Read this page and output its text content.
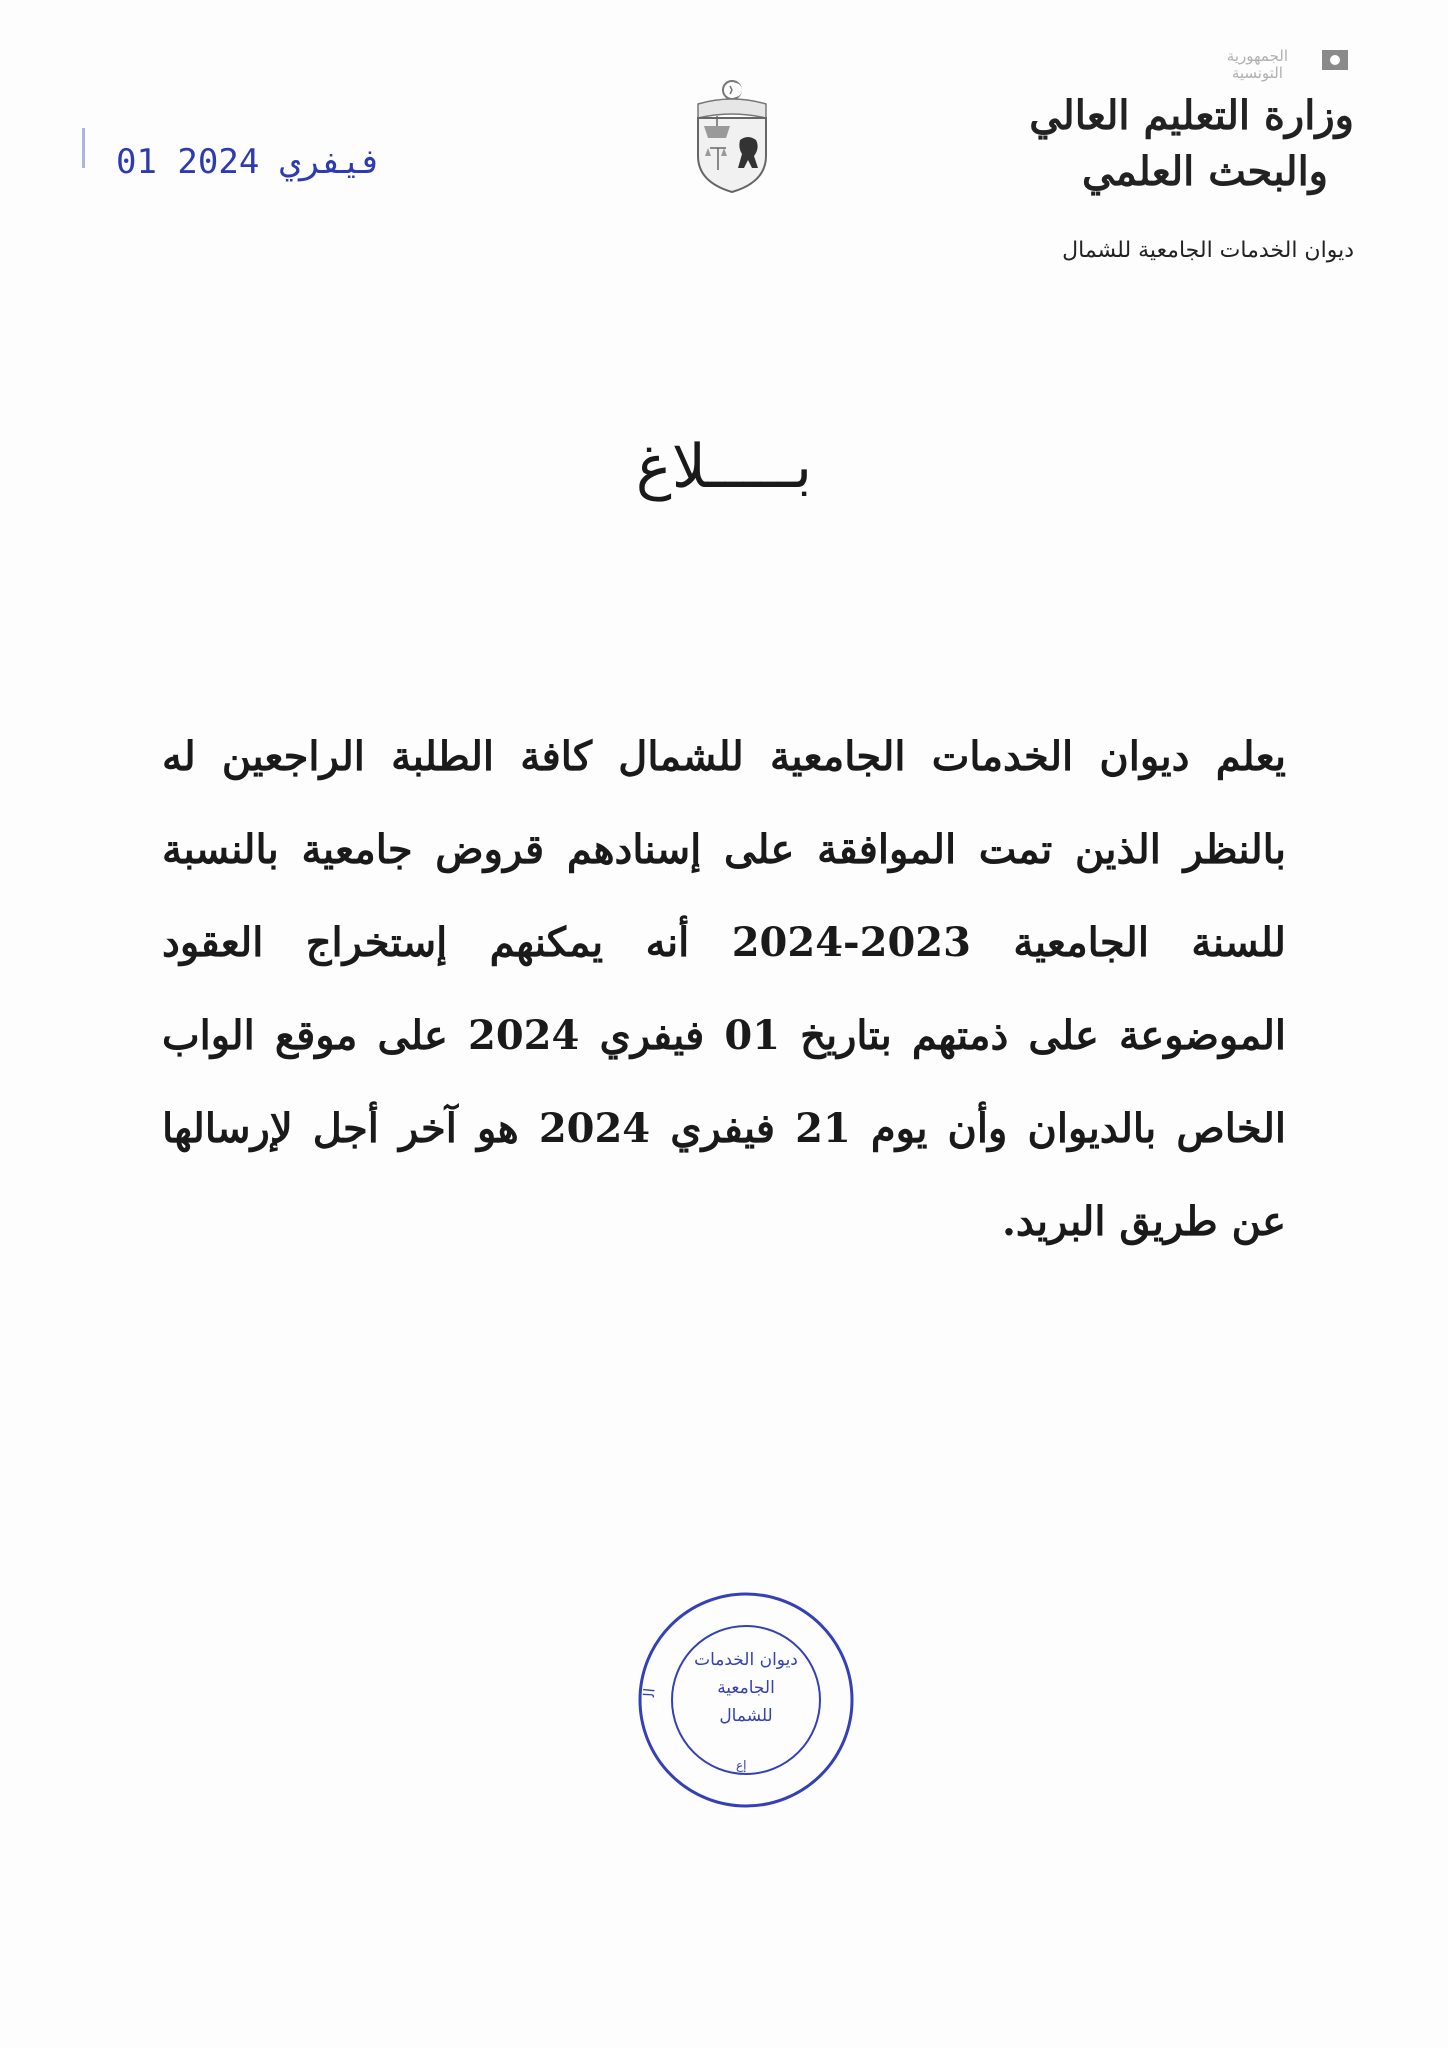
الجمهورية
التونسية
وزارة التعليم العالي
والبحث العلمي
ديوان الخدمات الجامعية للشمال
01 فيفري 2024
بـــــلاغ
يعلم ديوان الخدمات الجامعية للشمال كافة الطلبة الراجعين له بالنظر الذين تمت الموافقة على إسنادهم قروض جامعية بالنسبة للسنة الجامعية 2023-2024 أنه يمكنهم إستخراج العقود الموضوعة على ذمتهم بتاريخ 01 فيفري 2024 على موقع الواب الخاص بالديوان وأن يوم 21 فيفري 2024 هو آخر أجل لإرسالها عن طريق البريد.
ال
ديوان الخدمات
الجامعية
للشمال
إع
